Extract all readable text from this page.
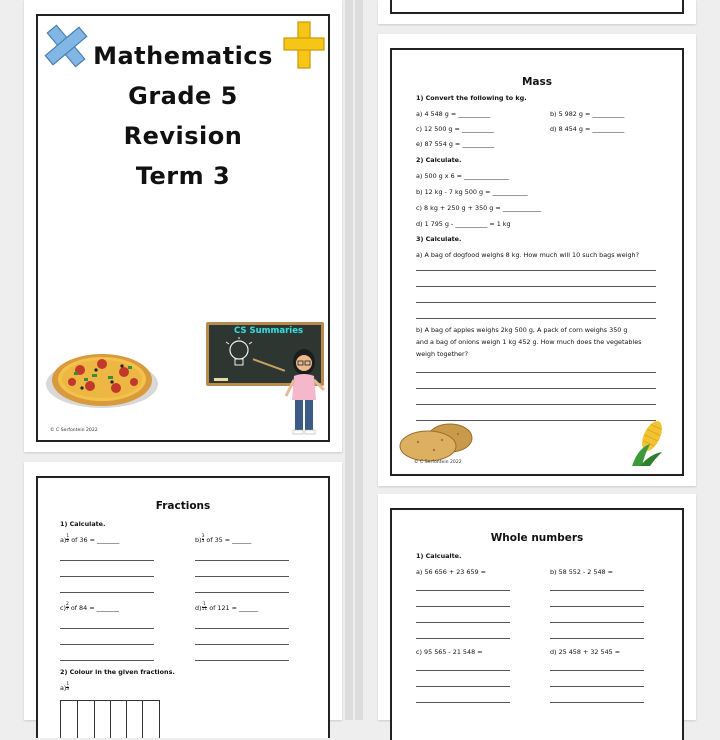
Mathematics
Grade 5
Revision
Term 3
CS Summaries
© C Serfontein 2022
Fractions
1) Calculate.
$a) \frac{1}{2}$ of 36 = _______	$b) \frac{3}{5}$ of 35 = ______
$c) \frac{2}{7}$ of 84 = _______	$d) \frac{1}{11}$ of 121 = ______
2) Colour in the given fractions.
$a) \frac{1}{3}$
Mass
1) Convert the following to kg.
a) 4 548 g = __________	b) 5 982 g = __________
c) 12 500 g = __________	d) 8 454 g = __________
e) 87 554 g = __________
2) Calculate.
a) 500 g x 6 = ______________
b) 12 kg - 7 kg 500 g = ___________
c) 8 kg + 250 g + 350 g = ____________
d) 1 795 g - __________ = 1 kg
3) Calculate.
a) A bag of dogfood weighs 8 kg. How much will 10 such bags weigh?
b) A bag of apples weighs 2kg 500 g, A pack of corn weighs 350 g
and a bag of onions weigh 1 kg 452 g. How much does the vegetables
weigh together?
© C Serfontein 2022
Whole numbers
1) Calcualte.
a) 56 656 + 23 659 =	b) 58 552 - 2 548 =
c) 95 565 - 21 548 =	d) 25 458 + 32 545 =
